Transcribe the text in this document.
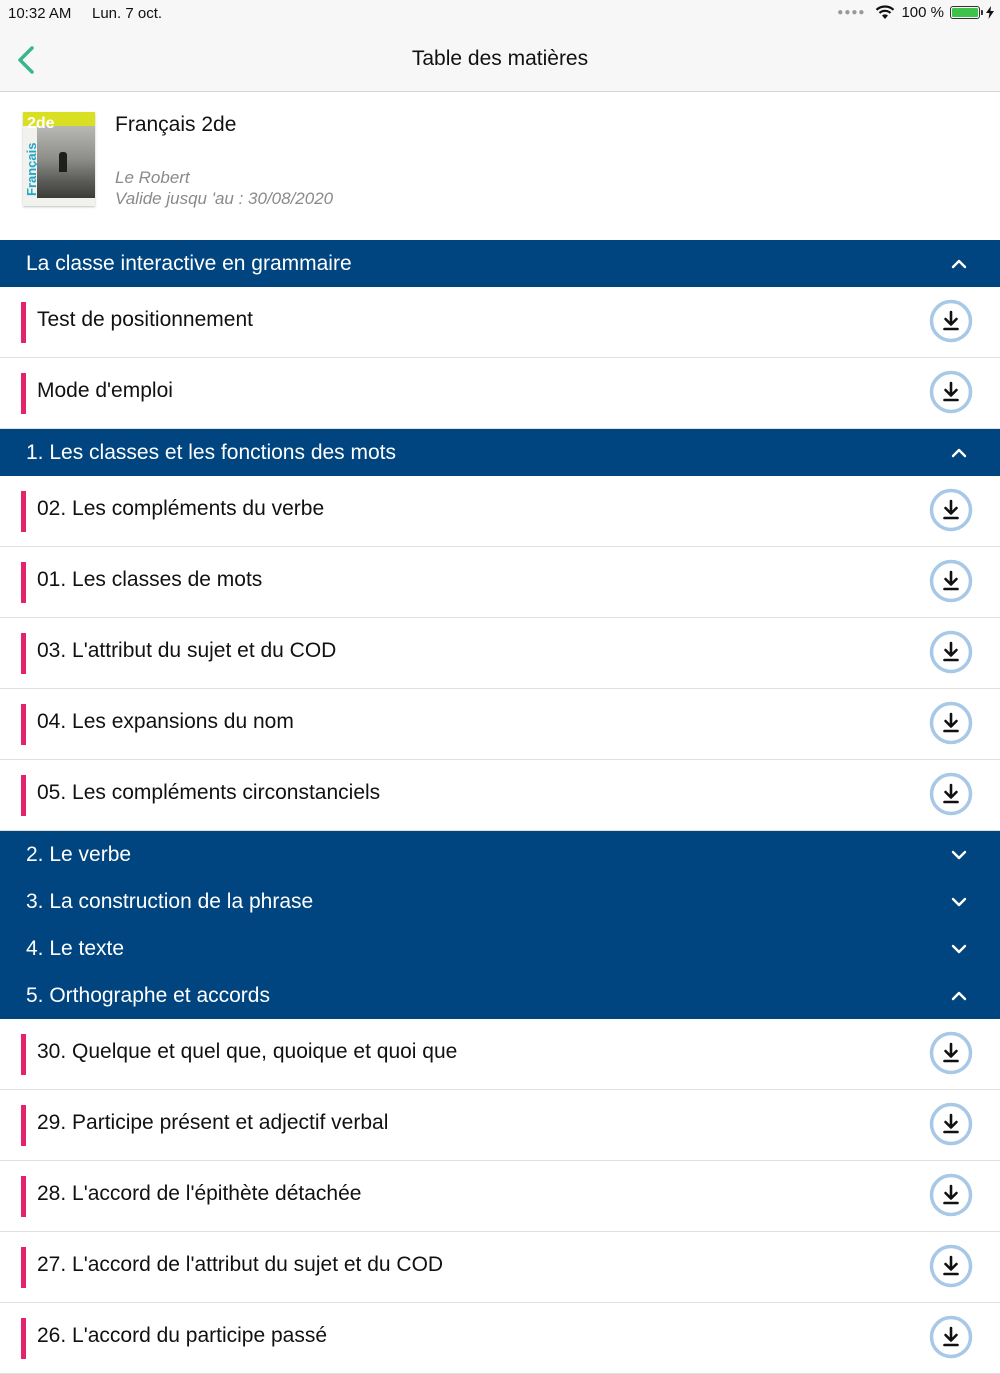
10:32 AM Lun. 7 oct.	●●●● 100 %
Table des matières
2de
Français
Français 2de
Le Robert
Valide jusqu 'au : 30/08/2020
La classe interactive en grammaire
Test de positionnement
Mode d'emploi
1. Les classes et les fonctions des mots
02. Les compléments du verbe
01. Les classes de mots
03. L'attribut du sujet et du COD
04. Les expansions du nom
05. Les compléments circonstanciels
2. Le verbe
3. La construction de la phrase
4. Le texte
5. Orthographe et accords
30. Quelque et quel que, quoique et quoi que
29. Participe présent et adjectif verbal
28. L'accord de l'épithète détachée
27. L'accord de l'attribut du sujet et du COD
26. L'accord du participe passé
